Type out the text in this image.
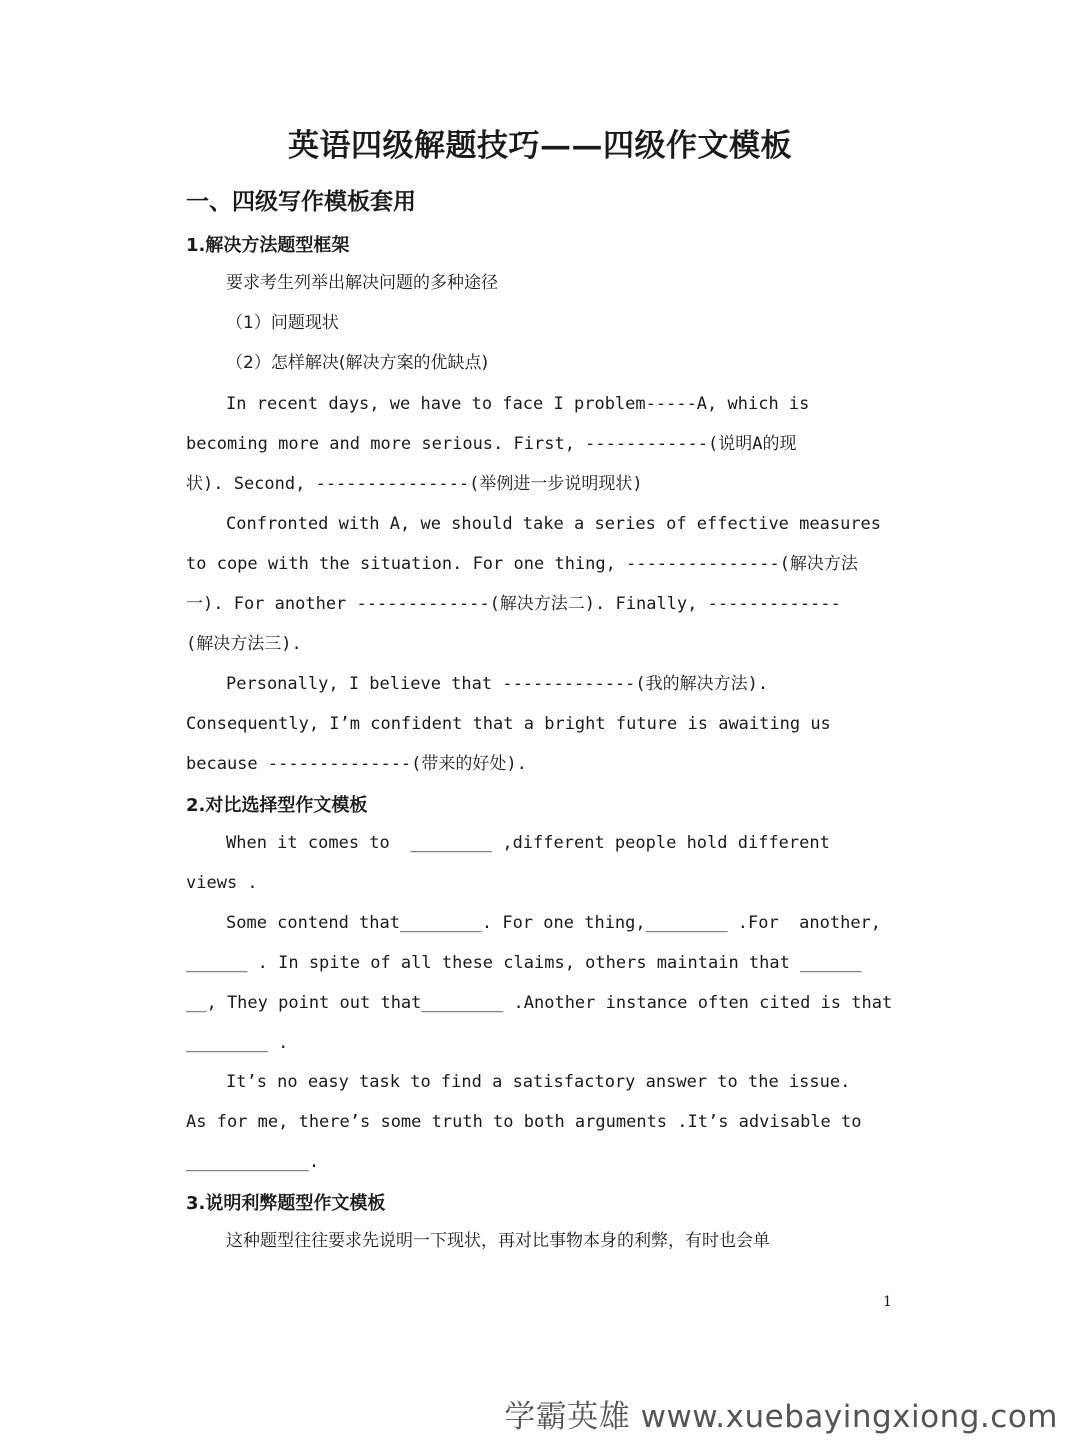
英语四级解题技巧——四级作文模板
一、四级写作模板套用
1.解决方法题型框架
要求考生列举出解决问题的多种途径
（1）问题现状
（2）怎样解决(解决方案的优缺点)
In recent days, we have to face I problem-----A, which is
becoming more and more serious. First, ------------(说明A的现
状). Second, ---------------(举例进一步说明现状)
Confronted with A, we should take a series of effective measures
to cope with the situation. For one thing, ---------------(解决方法
一). For another -------------(解决方法二). Finally, -------------
(解决方法三).
Personally, I believe that -------------(我的解决方法).
Consequently, I’m confident that a bright future is awaiting us
because --------------(带来的好处).
2.对比选择型作文模板
When it comes to  ________ ,different people hold different
views .
Some contend that________. For one thing,________ .For  another,
______ . In spite of all these claims, others maintain that ______
__, They point out that________ .Another instance often cited is that
________ .
It’s no easy task to find a satisfactory answer to the issue.
As for me, there’s some truth to both arguments .It’s advisable to
____________.
3.说明利弊题型作文模板
这种题型往往要求先说明一下现状，再对比事物本身的利弊，有时也会单
1
学霸英雄 www.xuebayingxiong.com
